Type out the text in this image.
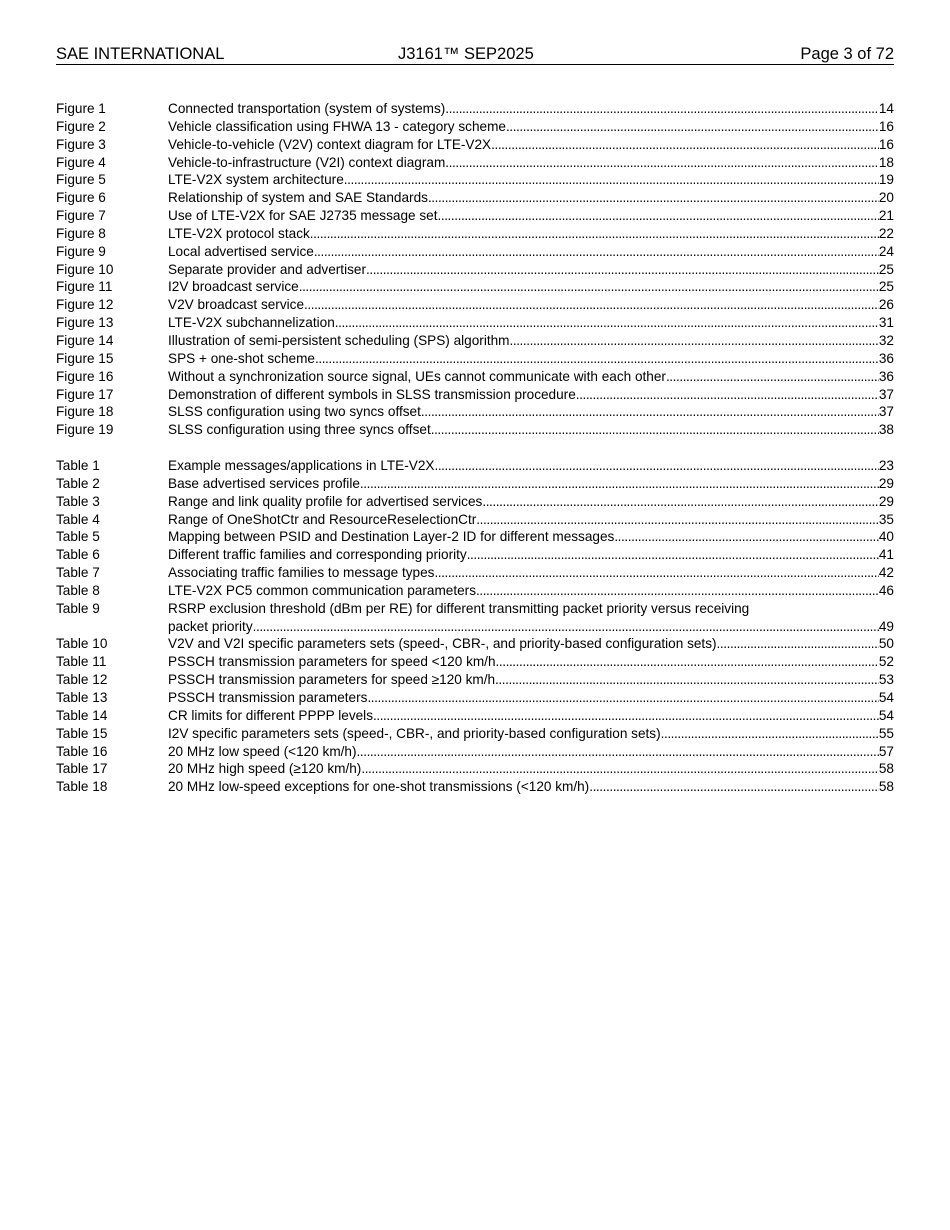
SAE INTERNATIONAL	J3161™ SEP2025	Page 3 of 72
Figure 1	Connected transportation (system of systems) . . .	14
Figure 2	Vehicle classification using FHWA 13 - category scheme . . .	16
Figure 3	Vehicle-to-vehicle (V2V) context diagram for LTE-V2X . . .	16
Figure 4	Vehicle-to-infrastructure (V2I) context diagram . . .	18
Figure 5	LTE-V2X system architecture . . .	19
Figure 6	Relationship of system and SAE Standards . . .	20
Figure 7	Use of LTE-V2X for SAE J2735 message set . . .	21
Figure 8	LTE-V2X protocol stack . . .	22
Figure 9	Local advertised service . . .	24
Figure 10	Separate provider and advertiser . . .	25
Figure 11	I2V broadcast service . . .	25
Figure 12	V2V broadcast service . . .	26
Figure 13	LTE-V2X subchannelization . . .	31
Figure 14	Illustration of semi-persistent scheduling (SPS) algorithm . . .	32
Figure 15	SPS + one-shot scheme . . .	36
Figure 16	Without a synchronization source signal, UEs cannot communicate with each other . . .	36
Figure 17	Demonstration of different symbols in SLSS transmission procedure . . .	37
Figure 18	SLSS configuration using two syncs offset . . .	37
Figure 19	SLSS configuration using three syncs offset . . .	38
Table 1	Example messages/applications in LTE-V2X . . .	23
Table 2	Base advertised services profile . . .	29
Table 3	Range and link quality profile for advertised services . . .	29
Table 4	Range of OneShotCtr and ResourceReselectionCtr . . .	35
Table 5	Mapping between PSID and Destination Layer-2 ID for different messages . . .	40
Table 6	Different traffic families and corresponding priority . . .	41
Table 7	Associating traffic families to message types . . .	42
Table 8	LTE-V2X PC5 common communication parameters . . .	46
Table 9	RSRP exclusion threshold (dBm per RE) for different transmitting packet priority versus receiving
packet priority . . .	49
Table 10	V2V and V2I specific parameters sets (speed-, CBR-, and priority-based configuration sets) . . .	50
Table 11	PSSCH transmission parameters for speed <120 km/h . . .	52
Table 12	PSSCH transmission parameters for speed ≥120 km/h . . .	53
Table 13	PSSCH transmission parameters . . .	54
Table 14	CR limits for different PPPP levels . . .	54
Table 15	I2V specific parameters sets (speed-, CBR-, and priority-based configuration sets) . . .	55
Table 16	20 MHz low speed (<120 km/h) . . .	57
Table 17	20 MHz high speed (≥120 km/h) . . .	58
Table 18	20 MHz low-speed exceptions for one-shot transmissions (<120 km/h) . . .	58
